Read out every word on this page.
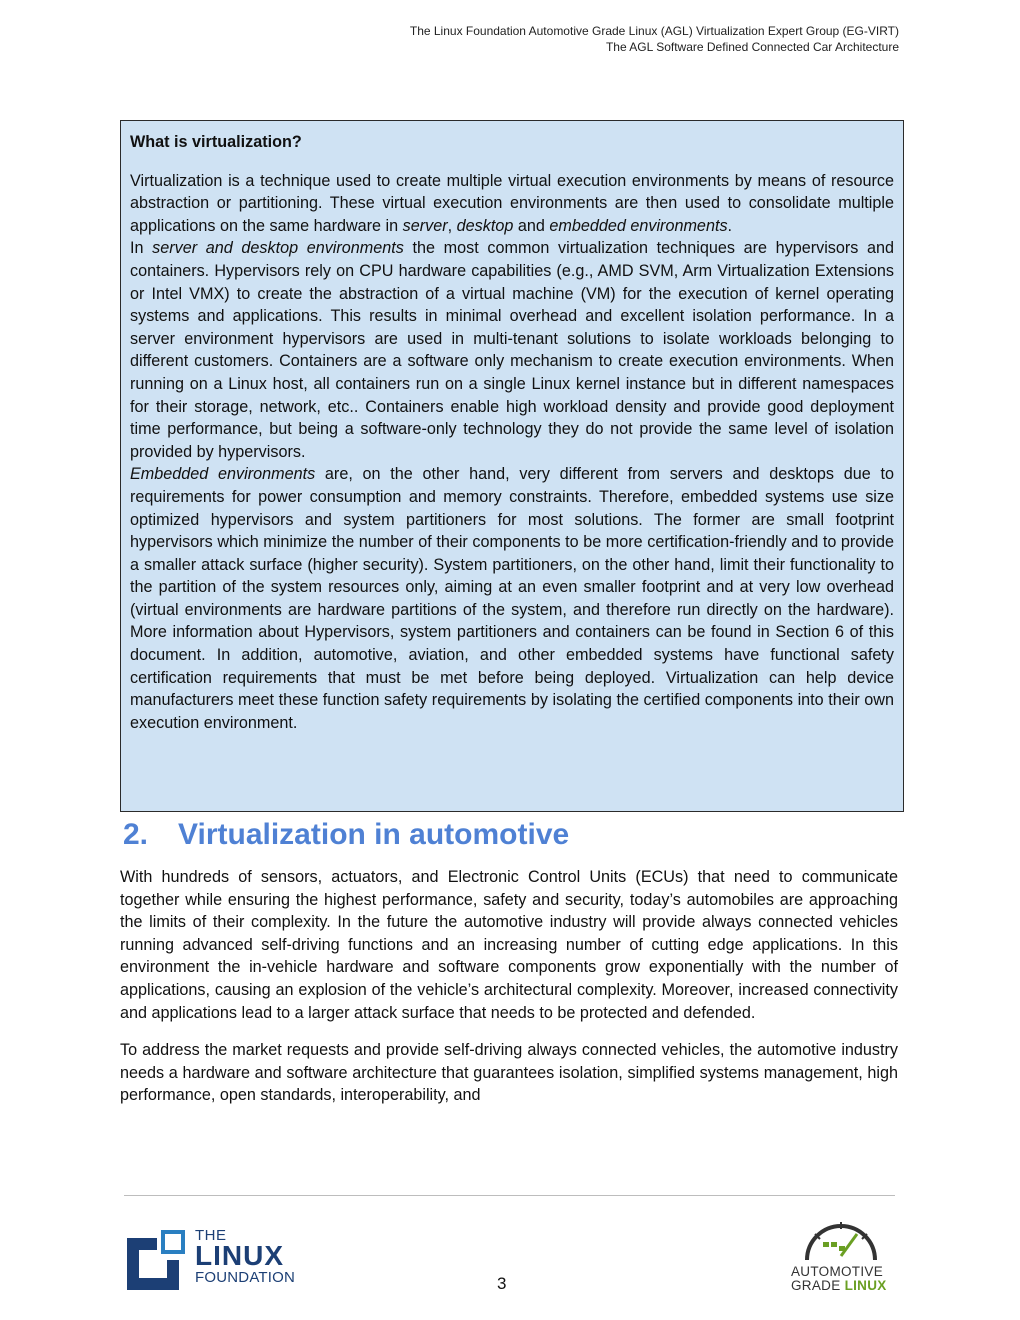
The Linux Foundation Automotive Grade Linux (AGL) Virtualization Expert Group (EG-VIRT)
The AGL Software Defined Connected Car Architecture

What is virtualization?

Virtualization is a technique used to create multiple virtual execution environments by means of resource abstraction or partitioning. These virtual execution environments are then used to consolidate multiple applications on the same hardware in server, desktop and embedded environments.

In server and desktop environments the most common virtualization techniques are hypervisors and containers. Hypervisors rely on CPU hardware capabilities (e.g., AMD SVM, Arm Virtualization Extensions or Intel VMX) to create the abstraction of a virtual machine (VM) for the execution of kernel operating systems and applications. This results in minimal overhead and excellent isolation performance. In a server environment hypervisors are used in multi-tenant solutions to isolate workloads belonging to different customers. Containers are a software only mechanism to create execution environments. When running on a Linux host, all containers run on a single Linux kernel instance but in different namespaces for their storage, network, etc.. Containers enable high workload density and provide good deployment time performance, but being a software-only technology they do not provide the same level of isolation provided by hypervisors.

Embedded environments are, on the other hand, very different from servers and desktops due to requirements for power consumption and memory constraints. Therefore, embedded systems use size optimized hypervisors and system partitioners for most solutions. The former are small footprint hypervisors which minimize the number of their components to be more certification-friendly and to provide a smaller attack surface (higher security). System partitioners, on the other hand, limit their functionality to the partition of the system resources only, aiming at an even smaller footprint and at very low overhead (virtual environments are hardware partitions of the system, and therefore run directly on the hardware). More information about Hypervisors, system partitioners and containers can be found in Section 6 of this document. In addition, automotive, aviation, and other embedded systems have functional safety certification requirements that must be met before being deployed. Virtualization can help device manufacturers meet these function safety requirements by isolating the certified components into their own execution environment.

2. Virtualization in automotive

With hundreds of sensors, actuators, and Electronic Control Units (ECUs) that need to communicate together while ensuring the highest performance, safety and security, today’s automobiles are approaching the limits of their complexity. In the future the automotive industry will provide always connected vehicles running advanced self-driving functions and an increasing number of cutting edge applications. In this environment the in-vehicle hardware and software components grow exponentially with the number of applications, causing an explosion of the vehicle’s architectural complexity. Moreover, increased connectivity and applications lead to a larger attack surface that needs to be protected and defended.

To address the market requests and provide self-driving always connected vehicles, the automotive industry needs a hardware and software architecture that guarantees isolation, simplified systems management, high performance, open standards, interoperability, and

THE
LINUX
FOUNDATION	3
AUTOMOTIVE
GRADE LINUX
